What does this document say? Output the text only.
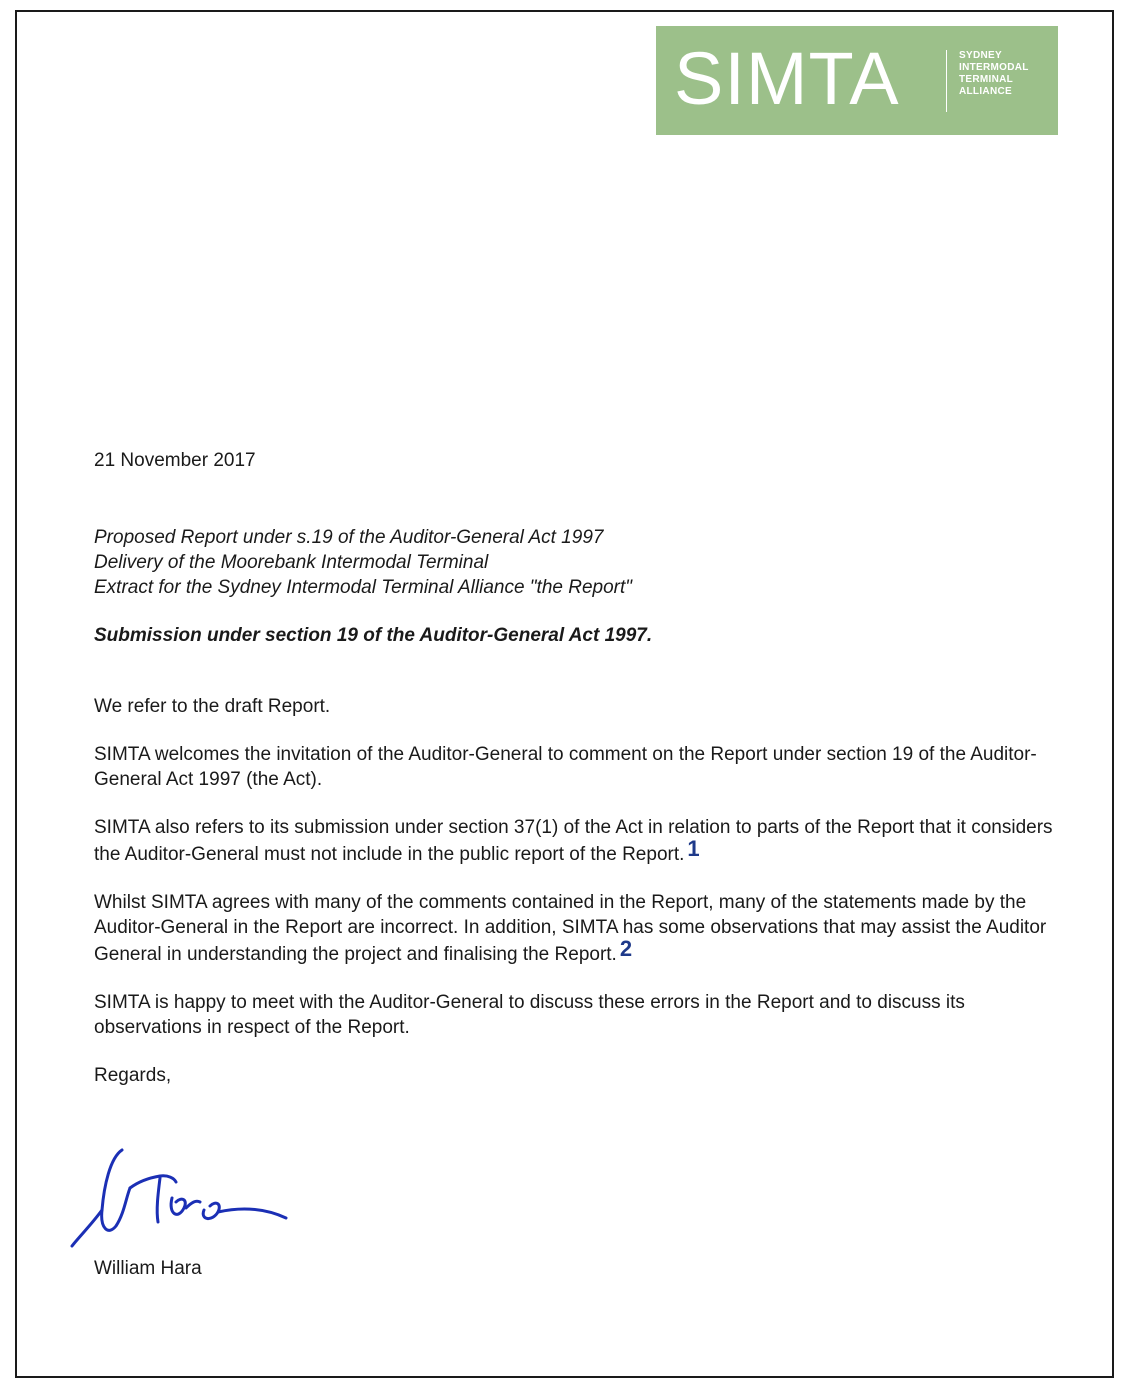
SIMTA	SYDNEY
INTERMODAL
TERMINAL
ALLIANCE

21 November 2017

Proposed Report under s.19 of the Auditor-General Act 1997
Delivery of the Moorebank Intermodal Terminal
Extract for the Sydney Intermodal Terminal Alliance "the Report"
Submission under section 19 of the Auditor-General Act 1997.

We refer to the draft Report.

SIMTA welcomes the invitation of the Auditor-General to comment on the Report under section 19 of the Auditor-General Act 1997 (the Act).

SIMTA also refers to its submission under section 37(1) of the Act in relation to parts of the Report that it considers the Auditor-General must not include in the public report of the Report. 1

Whilst SIMTA agrees with many of the comments contained in the Report, many of the statements made by the Auditor-General in the Report are incorrect. In addition, SIMTA has some observations that may assist the Auditor General in understanding the project and finalising the Report. 2

SIMTA is happy to meet with the Auditor-General to discuss these errors in the Report and to discuss its observations in respect of the Report.

Regards,

William Hara
